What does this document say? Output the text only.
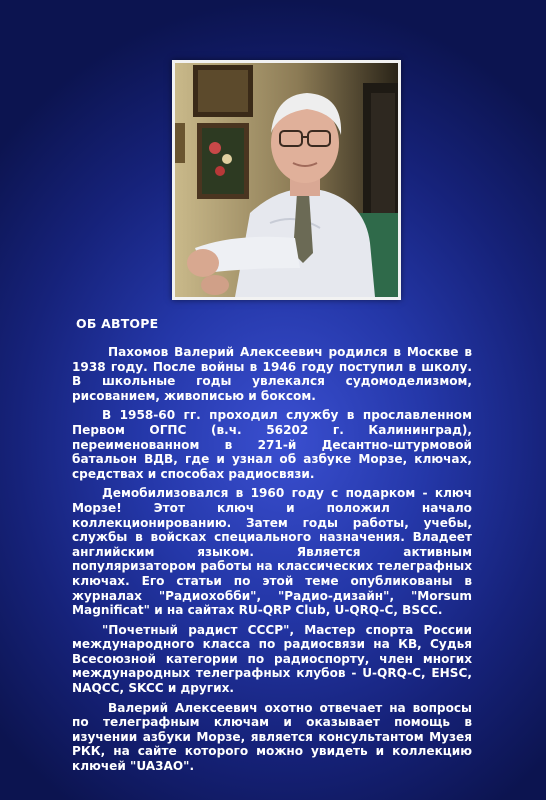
ОБ АВТОРЕ

Пахомов Валерий Алексеевич родился в Москве в 1938 году. После войны в 1946 году поступил в школу. В школьные годы увлекался судомоделизмом, рисованием, живописью и боксом.

В 1958-60 гг. проходил службу в прославленном Первом ОГПС (в.ч. 56202 г. Калининград), переименованном в 271-й Десантно-штурмовой батальон ВДВ, где и узнал об азбуке Морзе, ключах, средствах и способах радиосвязи.

Демобилизовался в 1960 году с подарком - ключ Морзе! Этот ключ и положил начало коллекционированию. Затем годы работы, учебы, службы в войсках специального назначения. Владеет английским языком. Является активным популяризатором работы на классических телеграфных ключах. Его статьи по этой теме опубликованы в журналах "Радиохобби", "Радио-дизайн", "Morsum Magnificat" и на сайтах RU-QRP Club, U-QRQ-C, BSCC.

"Почетный радист СССР", Мастер спорта России международного класса по радиосвязи на КВ, Судья Всесоюзной категории по радиоспорту, член многих международных телеграфных клубов - U-QRQ-C, EHSC, NAQCC, SKCC и других.

Валерий Алексеевич охотно отвечает на вопросы по телеграфным ключам и оказывает помощь в изучении азбуки Морзе, является консультантом Музея РКК, на сайте которого можно увидеть и коллекцию ключей "UA3AO".
